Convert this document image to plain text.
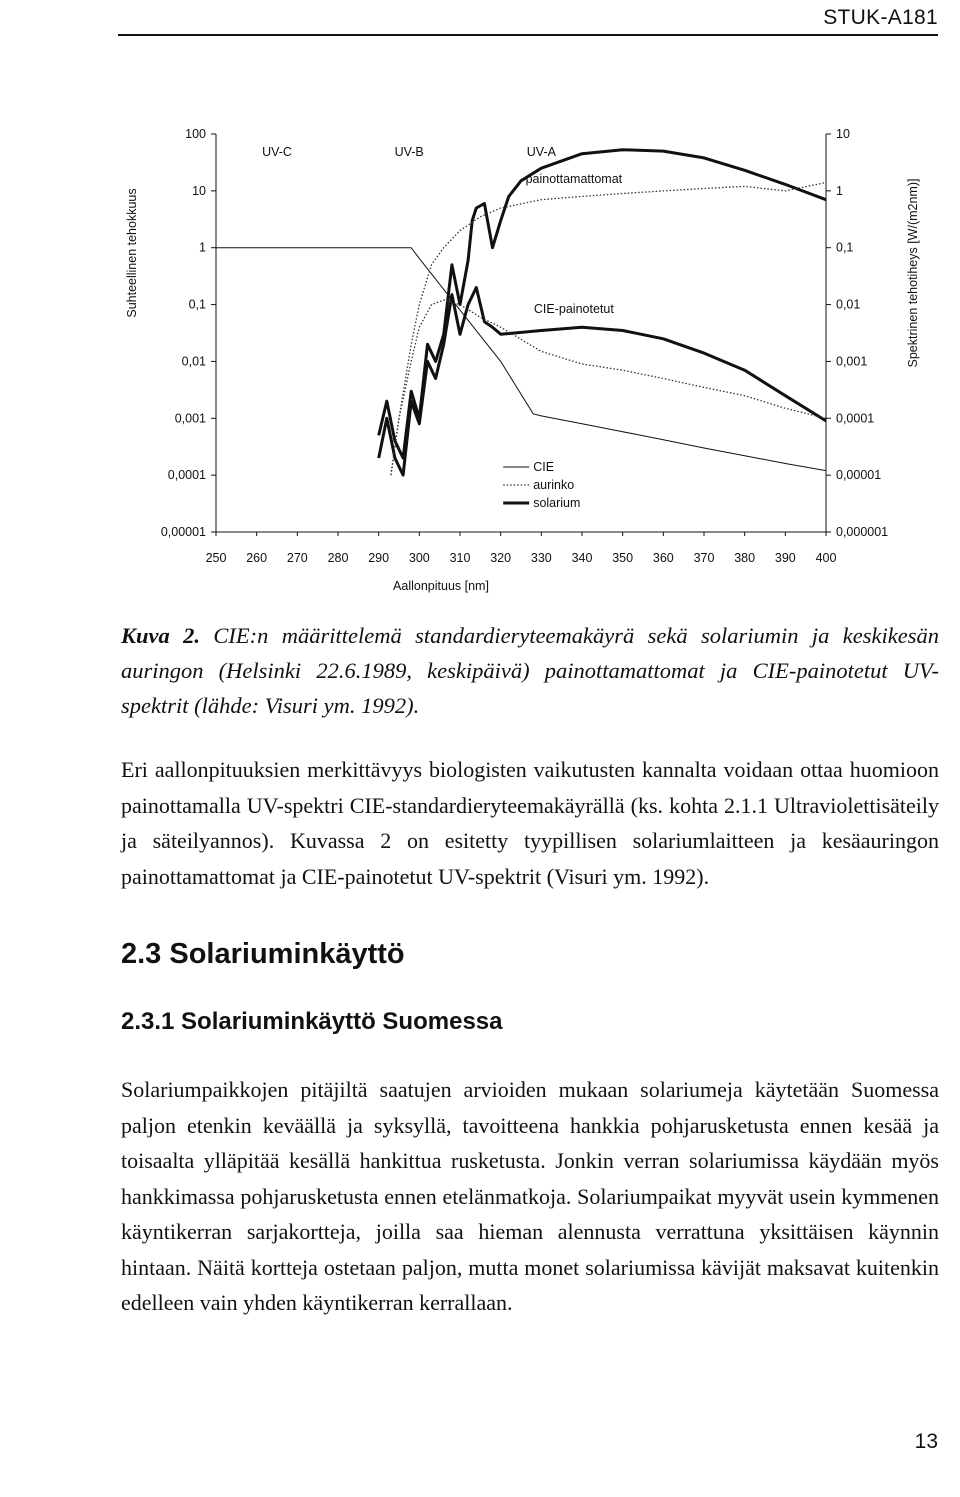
STUK-A181
250 260 270 280 290 300 310 320 330 340 350 360 370 380 390 400
100
10
1
0,1
0,01
0,001
0,0001
0,00001
10
1
0,1
0,01
0,001
0,0001
0,00001
0,000001
Aallonpituus [nm]
Suhteellinen tehokkuus	Spektrinen tehotiheys [W/(m2nm)]
UV-C	UV-B	UV-A
painottamattomat
CIE-painotetut
CIE
aurinko
solarium

Kuva 2. CIE:n määrittelemä standardieryteemakäyrä sekä solariumin ja keskikesän auringon (Helsinki 22.6.1989, keskipäivä) painottamattomat ja CIE-painotetut UV-spektrit (lähde: Visuri ym. 1992).

Eri aallonpituuksien merkittävyys biologisten vaikutusten kannalta voidaan ottaa huomioon painottamalla UV-spektri CIE-standardieryteemakäyrällä (ks. kohta 2.1.1 Ultraviolettisäteily ja säteilyannos). Kuvassa 2 on esitetty tyypillisen solariumlaitteen ja kesäauringon painottamattomat ja CIE-painotetut UV-spektrit (Visuri ym. 1992).

2.3 Solariuminkäyttö
2.3.1 Solariuminkäyttö Suomessa

Solariumpaikkojen pitäjiltä saatujen arvioiden mukaan solariumeja käytetään Suomessa paljon etenkin keväällä ja syksyllä, tavoitteena hankkia pohjarusketusta ennen kesää ja toisaalta ylläpitää kesällä hankittua rusketusta. Jonkin verran solariumissa käydään myös hankkimassa pohjarusketusta ennen etelänmatkoja. Solariumpaikat myyvät usein kymmenen käyntikerran sarjakortteja, joilla saa hieman alennusta verrattuna yksittäisen käynnin hintaan. Näitä kortteja ostetaan paljon, mutta monet solariumissa kävijät maksavat kuitenkin edelleen vain yhden käyntikerran kerrallaan.

13
